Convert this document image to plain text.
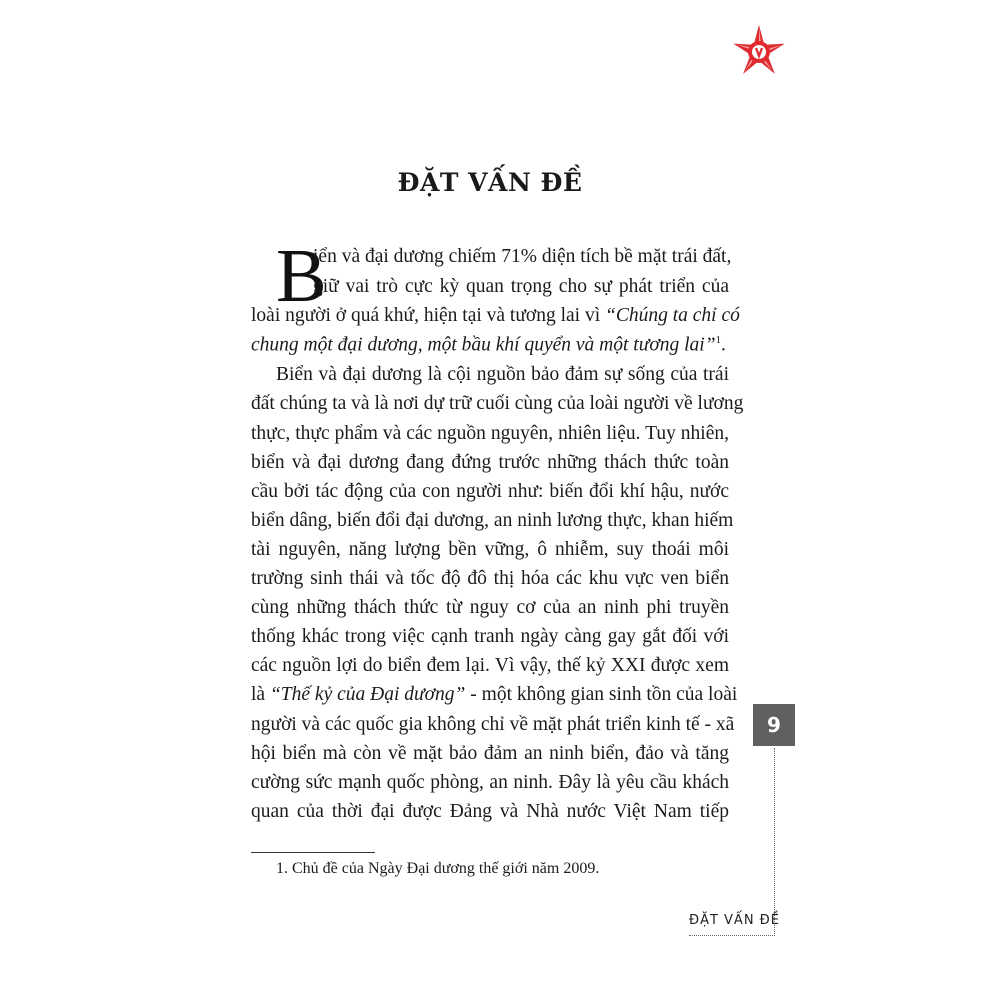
ĐẶT VẤN ĐỀ
B
iển và đại dương chiếm 71% diện tích bề mặt trái đất,
giữ vai trò cực kỳ quan trọng cho sự phát triển của
loài người ở quá khứ, hiện tại và tương lai vì “Chúng ta chỉ có
chung một đại dương, một bầu khí quyển và một tương lai”$^1$.
Biển và đại dương là cội nguồn bảo đảm sự sống của trái
đất chúng ta và là nơi dự trữ cuối cùng của loài người về lương
thực, thực phẩm và các nguồn nguyên, nhiên liệu. Tuy nhiên,
biển và đại dương đang đứng trước những thách thức toàn
cầu bởi tác động của con người như: biến đổi khí hậu, nước
biển dâng, biến đổi đại dương, an ninh lương thực, khan hiếm
tài nguyên, năng lượng bền vững, ô nhiễm, suy thoái môi
trường sinh thái và tốc độ đô thị hóa các khu vực ven biển
cùng những thách thức từ nguy cơ của an ninh phi truyền
thống khác trong việc cạnh tranh ngày càng gay gắt đối với
các nguồn lợi do biển đem lại. Vì vậy, thế kỷ XXI được xem
là “Thế kỷ của Đại dương” - một không gian sinh tồn của loài
người và các quốc gia không chỉ về mặt phát triển kinh tế - xã
hội biển mà còn về mặt bảo đảm an ninh biển, đảo và tăng
cường sức mạnh quốc phòng, an ninh. Đây là yêu cầu khách
quan của thời đại được Đảng và Nhà nước Việt Nam tiếp
1. Chủ đề của Ngày Đại dương thế giới năm 2009.
9
ĐẶT VẤN ĐỀ
